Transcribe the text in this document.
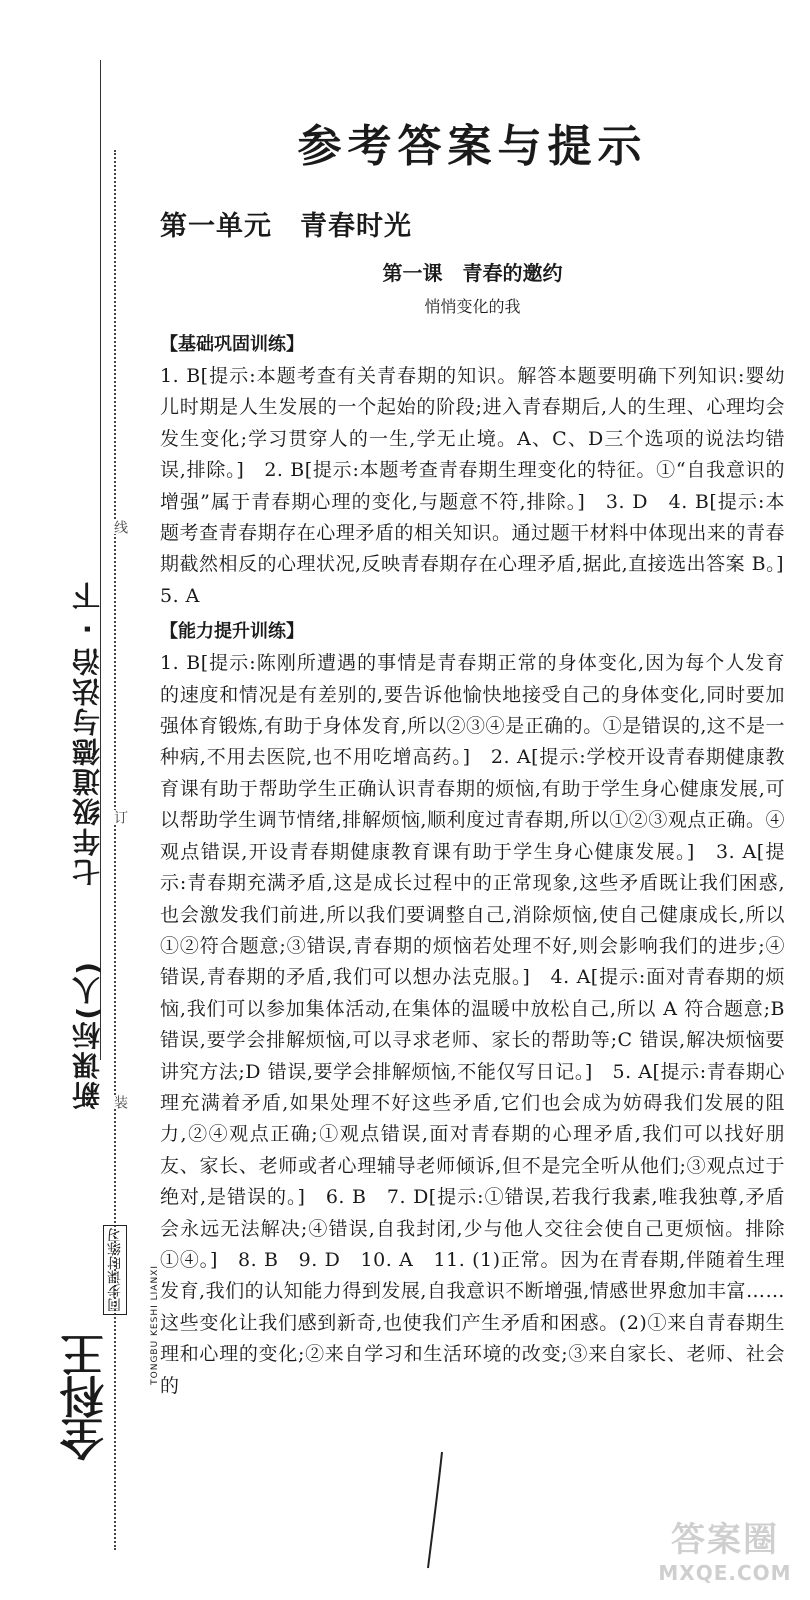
线
订
装
七年级道德与法治 · 下
新课标(人)
同步课时练习
全科王
TONGBU KESHI LIANXI
参考答案与提示
第一单元　青春时光
第一课　青春的邀约
悄悄变化的我
【基础巩固训练】

1. B[提示:本题考查有关青春期的知识。解答本题要明确下列知识:婴幼儿时期是人生发展的一个起始的阶段;进入青春期后,人的生理、心理均会发生变化;学习贯穿人的一生,学无止境。A、C、D三个选项的说法均错误,排除。]　2. B[提示:本题考查青春期生理变化的特征。①“自我意识的增强”属于青春期心理的变化,与题意不符,排除。]　3. D　4. B[提示:本题考查青春期存在心理矛盾的相关知识。通过题干材料中体现出来的青春期截然相反的心理状况,反映青春期存在心理矛盾,据此,直接选出答案 B。]

5. A

【能力提升训练】

1. B[提示:陈刚所遭遇的事情是青春期正常的身体变化,因为每个人发育的速度和情况是有差别的,要告诉他愉快地接受自己的身体变化,同时要加强体育锻炼,有助于身体发育,所以②③④是正确的。①是错误的,这不是一种病,不用去医院,也不用吃增高药。]　2. A[提示:学校开设青春期健康教育课有助于帮助学生正确认识青春期的烦恼,有助于学生身心健康发展,可以帮助学生调节情绪,排解烦恼,顺利度过青春期,所以①②③观点正确。④观点错误,开设青春期健康教育课有助于学生身心健康发展。]　3. A[提示:青春期充满矛盾,这是成长过程中的正常现象,这些矛盾既让我们困惑,也会激发我们前进,所以我们要调整自己,消除烦恼,使自己健康成长,所以①②符合题意;③错误,青春期的烦恼若处理不好,则会影响我们的进步;④错误,青春期的矛盾,我们可以想办法克服。]　4. A[提示:面对青春期的烦恼,我们可以参加集体活动,在集体的温暖中放松自己,所以 A 符合题意;B 错误,要学会排解烦恼,可以寻求老师、家长的帮助等;C 错误,解决烦恼要讲究方法;D 错误,要学会排解烦恼,不能仅写日记。]　5. A[提示:青春期心理充满着矛盾,如果处理不好这些矛盾,它们也会成为妨碍我们发展的阻力,②④观点正确;①观点错误,面对青春期的心理矛盾,我们可以找好朋友、家长、老师或者心理辅导老师倾诉,但不是完全听从他们;③观点过于绝对,是错误的。]　6. B　7. D[提示:①错误,若我行我素,唯我独尊,矛盾会永远无法解决;④错误,自我封闭,少与他人交往会使自己更烦恼。排除①④。]　8. B　9. D　10. A　11. (1)正常。因为在青春期,伴随着生理发育,我们的认知能力得到发展,自我意识不断增强,情感世界愈加丰富……这些变化让我们感到新奇,也使我们产生矛盾和困惑。(2)①来自青春期生理和心理的变化;②来自学习和生活环境的改变;③来自家长、老师、社会的

答案圈
MXQE.COM
